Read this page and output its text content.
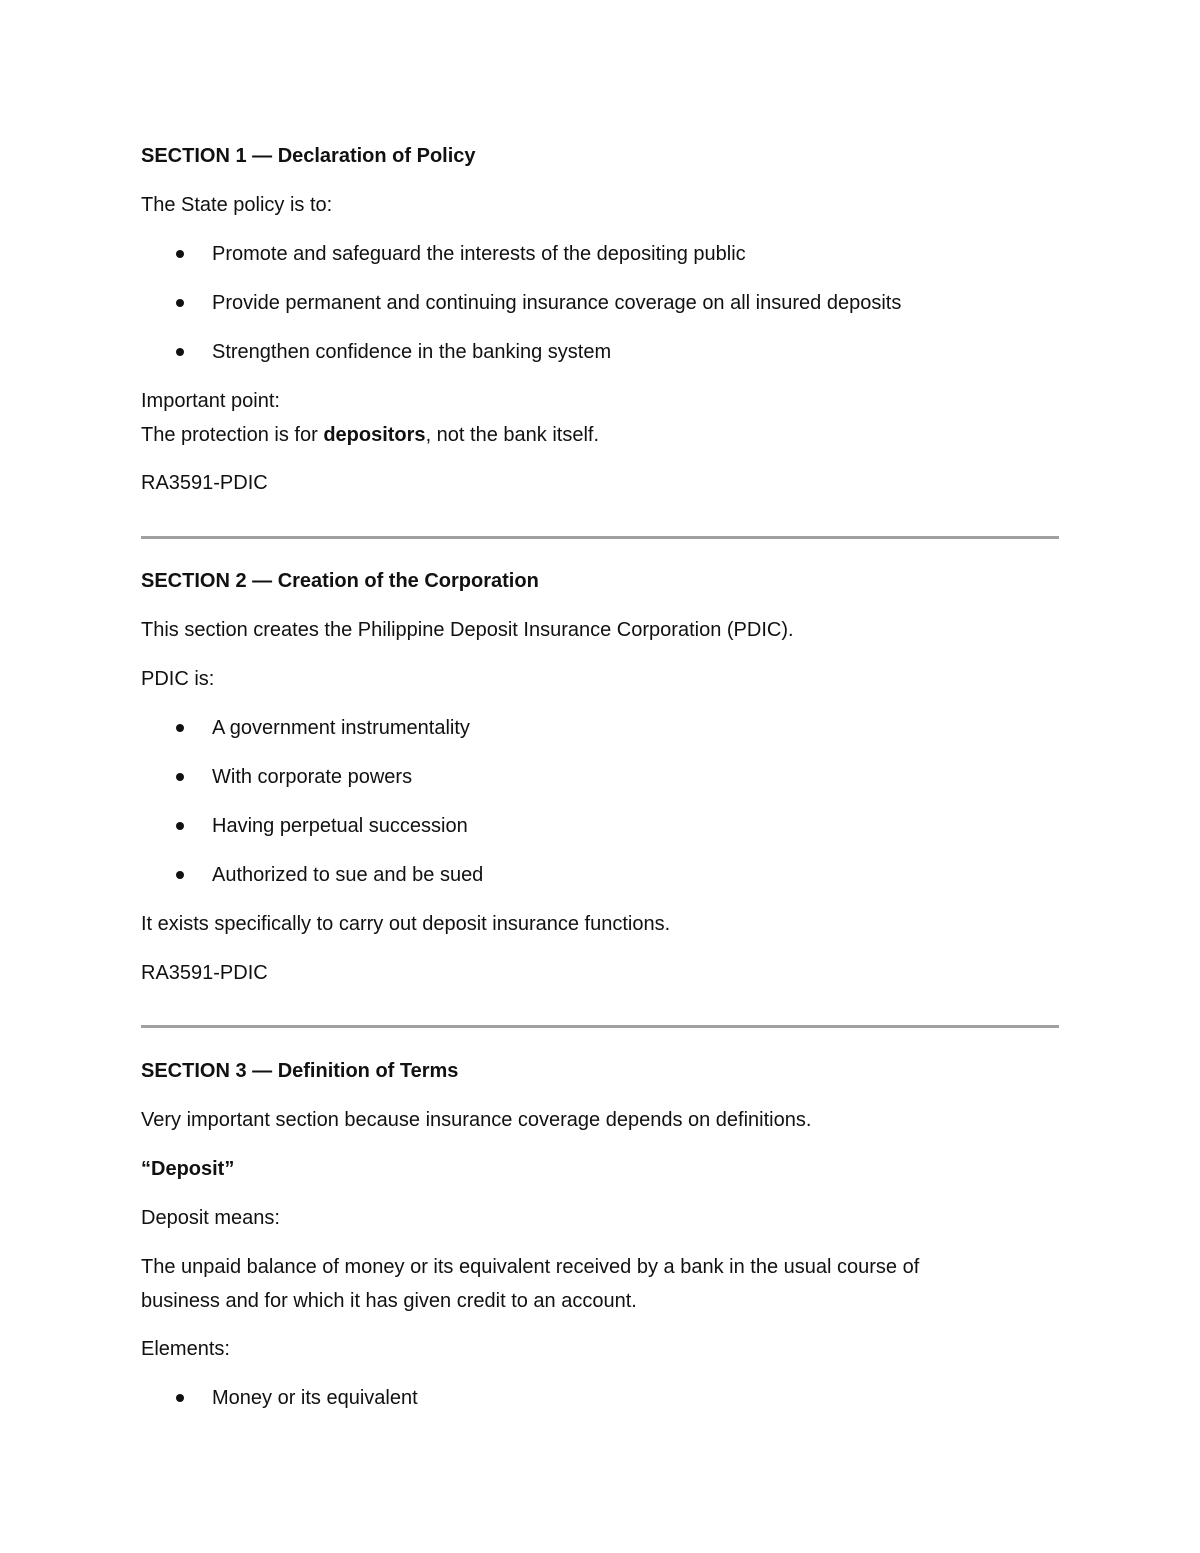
SECTION 1 — Declaration of Policy

The State policy is to:

Promote and safeguard the interests of the depositing public
Provide permanent and continuing insurance coverage on all insured deposits
Strengthen confidence in the banking system

Important point:

The protection is for depositors, not the bank itself.

RA3591-PDIC

SECTION 2 — Creation of the Corporation

This section creates the Philippine Deposit Insurance Corporation (PDIC).

PDIC is:

A government instrumentality
With corporate powers
Having perpetual succession
Authorized to sue and be sued

It exists specifically to carry out deposit insurance functions.

RA3591-PDIC

SECTION 3 — Definition of Terms

Very important section because insurance coverage depends on definitions.

“Deposit”

Deposit means:

The unpaid balance of money or its equivalent received by a bank in the usual course of

business and for which it has given credit to an account.

Elements:

Money or its equivalent
